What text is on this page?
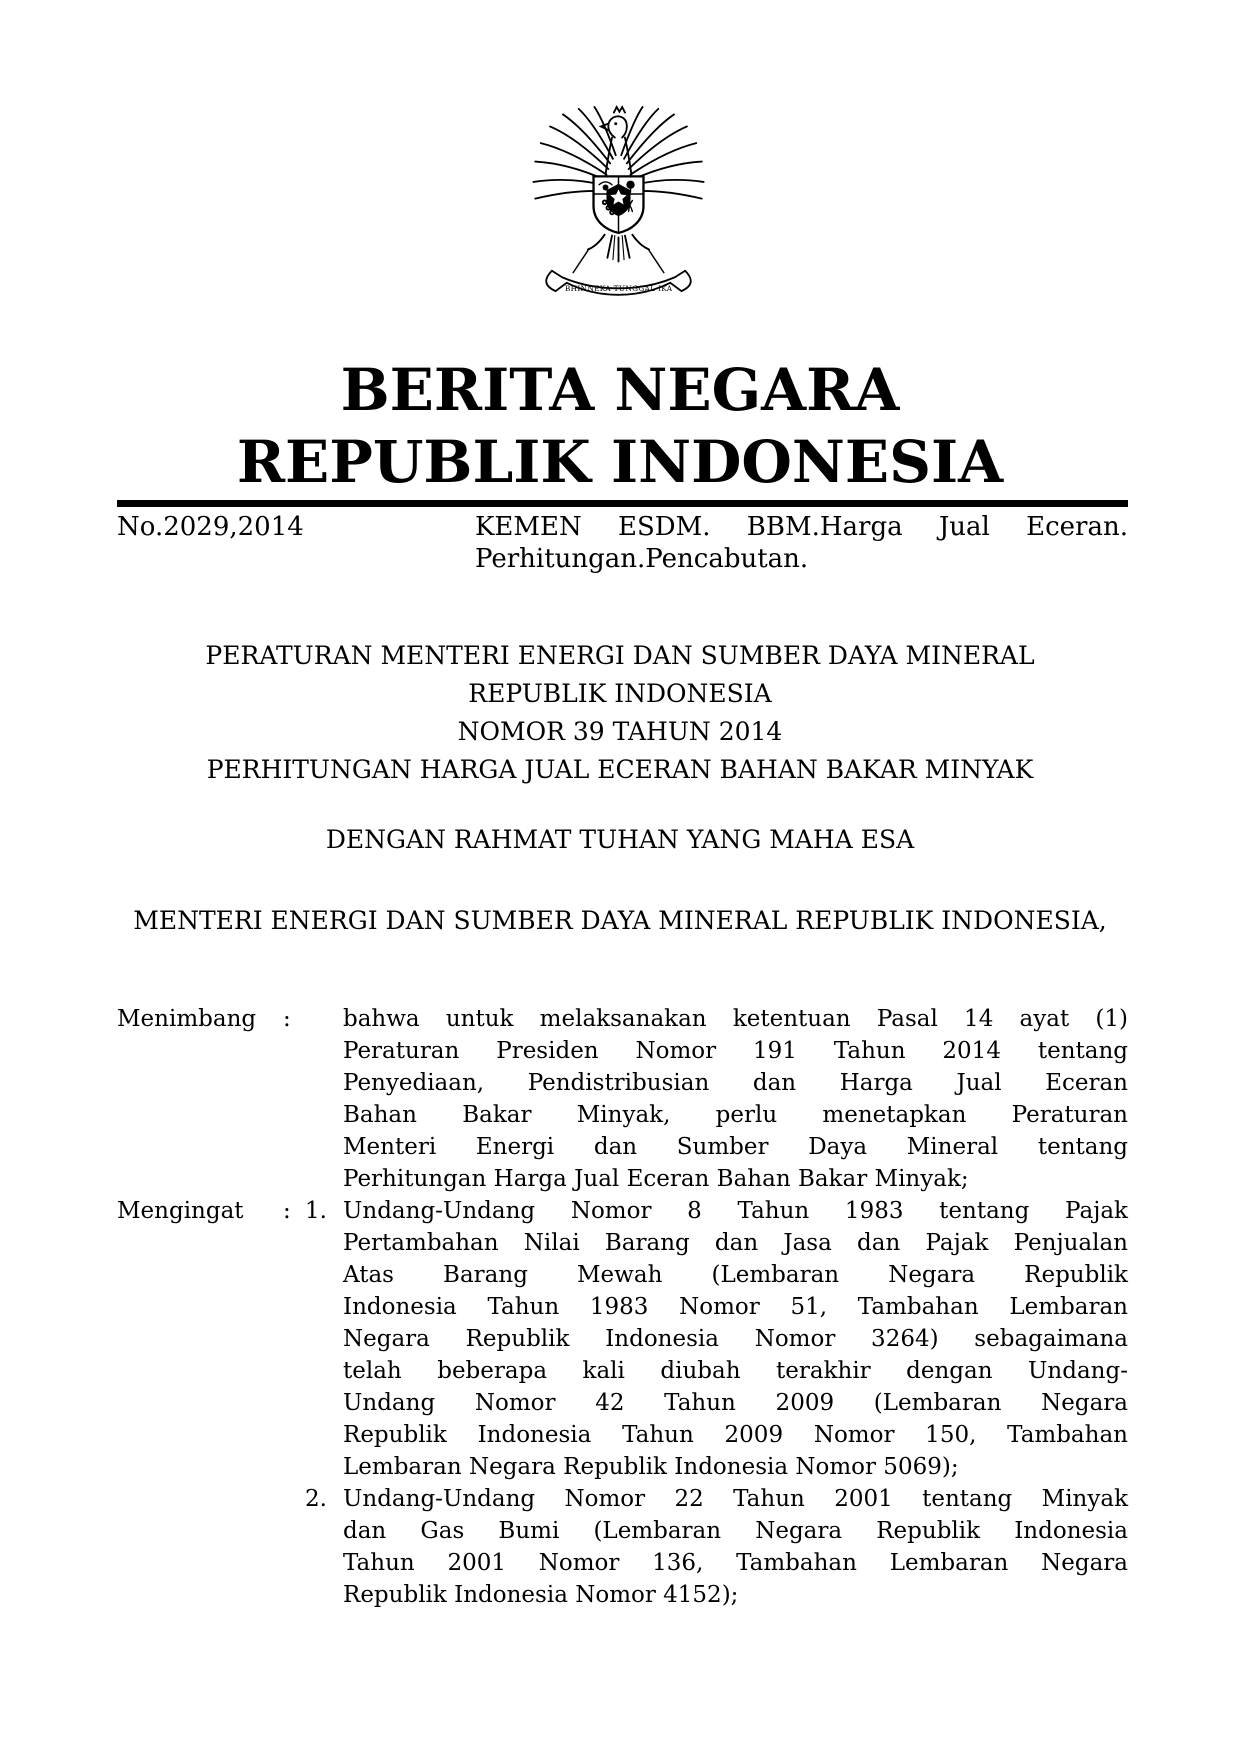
BHINNEKA TUNGGAL IKA
BERITA NEGARA
REPUBLIK INDONESIA
No.2029,2014	KEMEN ESDM. BBM.Harga Jual Eceran.
Perhitungan.Pencabutan.
PERATURAN MENTERI ENERGI DAN SUMBER DAYA MINERAL
REPUBLIK INDONESIA
NOMOR 39 TAHUN 2014
PERHITUNGAN HARGA JUAL ECERAN BAHAN BAKAR MINYAK
DENGAN RAHMAT TUHAN YANG MAHA ESA
MENTERI ENERGI DAN SUMBER DAYA MINERAL REPUBLIK INDONESIA,
Menimbang	:	bahwa untuk melaksanakan ketentuan Pasal 14 ayat (1)
Peraturan Presiden Nomor 191 Tahun 2014 tentang
Penyediaan, Pendistribusian dan Harga Jual Eceran
Bahan Bakar Minyak, perlu menetapkan Peraturan
Menteri Energi dan Sumber Daya Mineral tentang
Perhitungan Harga Jual Eceran Bahan Bakar Minyak;
Mengingat	: 1. Undang-Undang Nomor 8 Tahun 1983 tentang Pajak
Pertambahan Nilai Barang dan Jasa dan Pajak Penjualan
Atas Barang Mewah (Lembaran Negara Republik
Indonesia Tahun 1983 Nomor 51, Tambahan Lembaran
Negara Republik Indonesia Nomor 3264) sebagaimana
telah beberapa kali diubah terakhir dengan Undang-
Undang Nomor 42 Tahun 2009 (Lembaran Negara
Republik Indonesia Tahun 2009 Nomor 150, Tambahan
Lembaran Negara Republik Indonesia Nomor 5069);
2. Undang-Undang Nomor 22 Tahun 2001 tentang Minyak
dan Gas Bumi (Lembaran Negara Republik Indonesia
Tahun 2001 Nomor 136, Tambahan Lembaran Negara
Republik Indonesia Nomor 4152);
